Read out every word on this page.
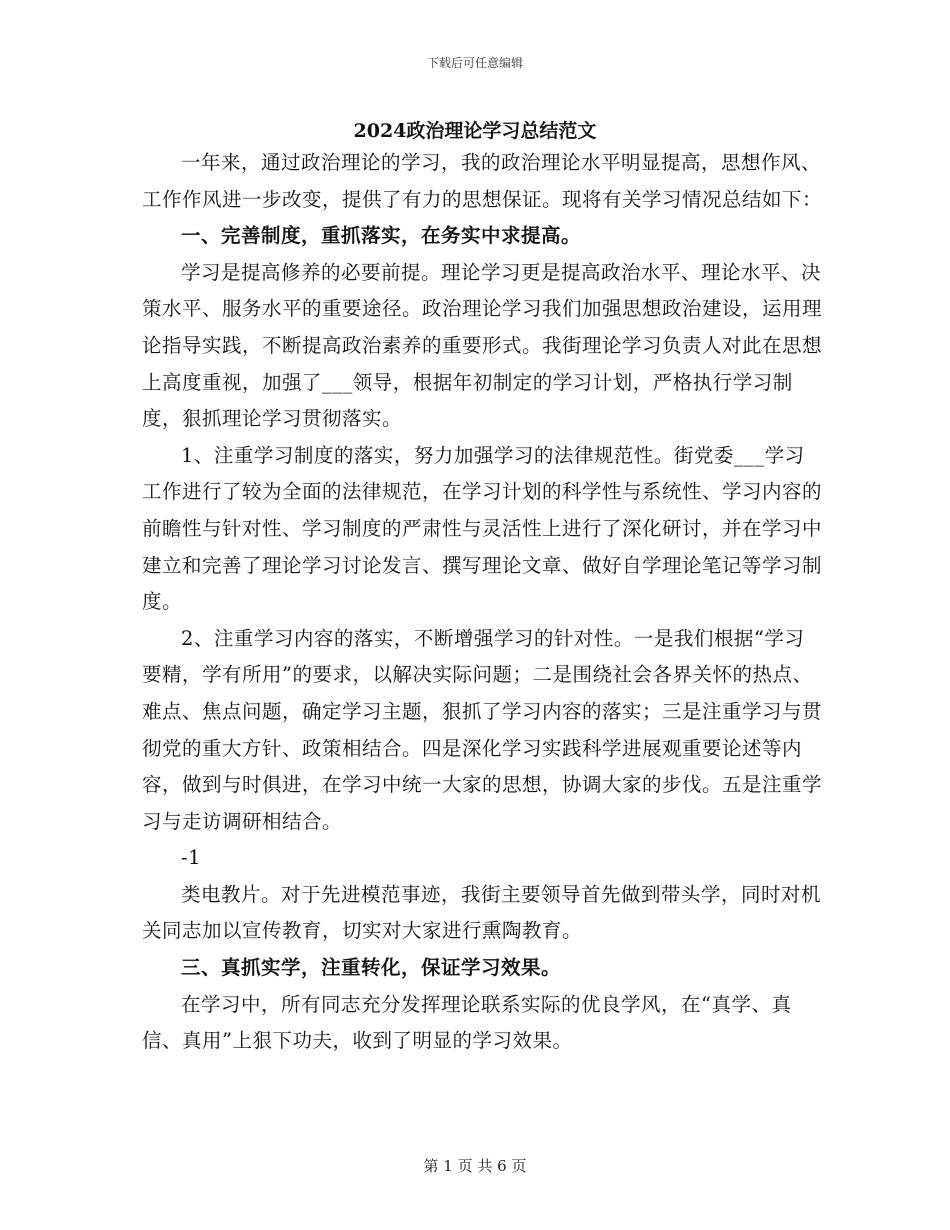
下载后可任意编辑
2024政治理论学习总结范文

一年来，通过政治理论的学习，我的政治理论水平明显提高，思想作风、工作作风进一步改变，提供了有力的思想保证。现将有关学习情况总结如下：

一、完善制度，重抓落实，在务实中求提高。

学习是提高修养的必要前提。理论学习更是提高政治水平、理论水平、决策水平、服务水平的重要途径。政治理论学习我们加强思想政治建设，运用理论指导实践，不断提高政治素养的重要形式。我街理论学习负责人对此在思想上高度重视，加强了___领导，根据年初制定的学习计划，严格执行学习制度，狠抓理论学习贯彻落实。

1、注重学习制度的落实，努力加强学习的法律规范性。街党委___学习工作进行了较为全面的法律规范，在学习计划的科学性与系统性、学习内容的前瞻性与针对性、学习制度的严肃性与灵活性上进行了深化研讨，并在学习中建立和完善了理论学习讨论发言、撰写理论文章、做好自学理论笔记等学习制度。

2、注重学习内容的落实，不断增强学习的针对性。一是我们根据“学习要精，学有所用”的要求，以解决实际问题；二是围绕社会各界关怀的热点、难点、焦点问题，确定学习主题，狠抓了学习内容的落实；三是注重学习与贯彻党的重大方针、政策相结合。四是深化学习实践科学进展观重要论述等内容，做到与时俱进，在学习中统一大家的思想，协调大家的步伐。五是注重学习与走访调研相结合。

-1

类电教片。对于先进模范事迹，我街主要领导首先做到带头学，同时对机关同志加以宣传教育，切实对大家进行熏陶教育。

三、真抓实学，注重转化，保证学习效果。

在学习中，所有同志充分发挥理论联系实际的优良学风，在“真学、真信、真用”上狠下功夫，收到了明显的学习效果。

第 1 页 共 6 页
